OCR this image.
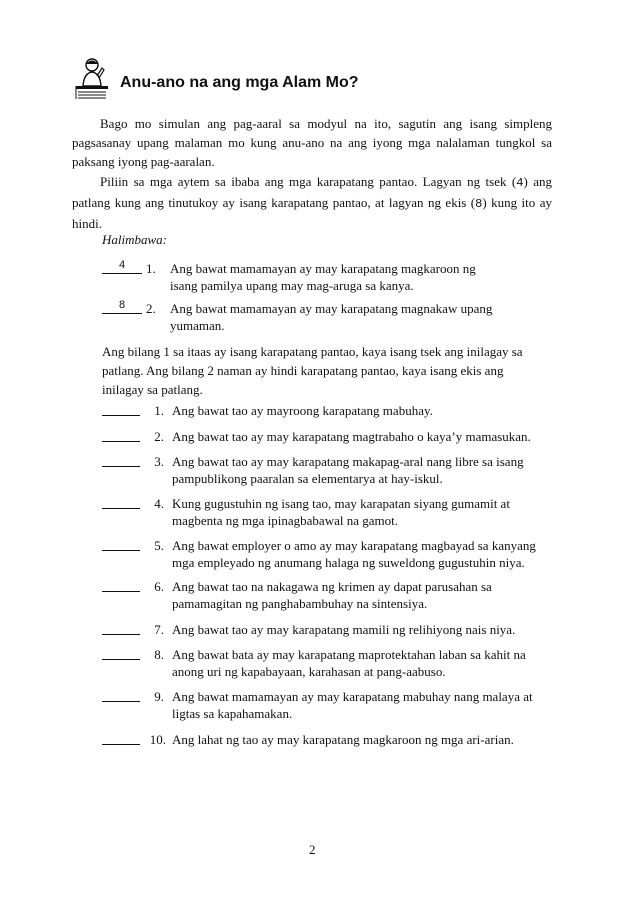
Anu-ano na ang mga Alam Mo?
Bago mo simulan ang pag-aaral sa modyul na ito, sagutin ang isang simpleng pagsasanay upang malaman mo kung anu-ano na ang iyong mga nalalaman tungkol sa paksang iyong pag-aaralan.
Piliin sa mga aytem sa ibaba ang mga karapatang pantao. Lagyan ng tsek (4) ang patlang kung ang tinutukoy ay isang karapatang pantao, at lagyan ng ekis (8) kung ito ay hindi.
Halimbawa:
4	1.	Ang bawat mamamayan ay may karapatang magkaroon ng
isang pamilya upang may mag-aruga sa kanya.
8	2.	Ang bawat mamamayan ay may karapatang magnakaw upang
yumaman.
Ang bilang 1 sa itaas ay isang karapatang pantao, kaya isang tsek ang inilagay sa patlang. Ang bilang 2 naman ay hindi karapatang pantao, kaya isang ekis ang inilagay sa patlang.
1. Ang bawat tao ay mayroong karapatang mabuhay.
2. Ang bawat tao ay may karapatang magtrabaho o kaya’y mamasukan.
3. Ang bawat tao ay may karapatang makapag-aral nang libre sa isang
pampublikong paaralan sa elementarya at hay-iskul.
4. Kung gugustuhin ng isang tao, may karapatan siyang gumamit at
magbenta ng mga ipinagbabawal na gamot.
5. Ang bawat employer o amo ay may karapatang magbayad sa kanyang
mga empleyado ng anumang halaga ng suweldong gugustuhin niya.
6. Ang bawat tao na nakagawa ng krimen ay dapat parusahan sa
pamamagitan ng panghabambuhay na sintensiya.
7. Ang bawat tao ay may karapatang mamili ng relihiyong nais niya.
8. Ang bawat bata ay may karapatang maprotektahan laban sa kahit na
anong uri ng kapabayaan, karahasan at pang-aabuso.
9. Ang bawat mamamayan ay may karapatang mabuhay nang malaya at
ligtas sa kapahamakan.
10. Ang lahat ng tao ay may karapatang magkaroon ng mga ari-arian.
2
